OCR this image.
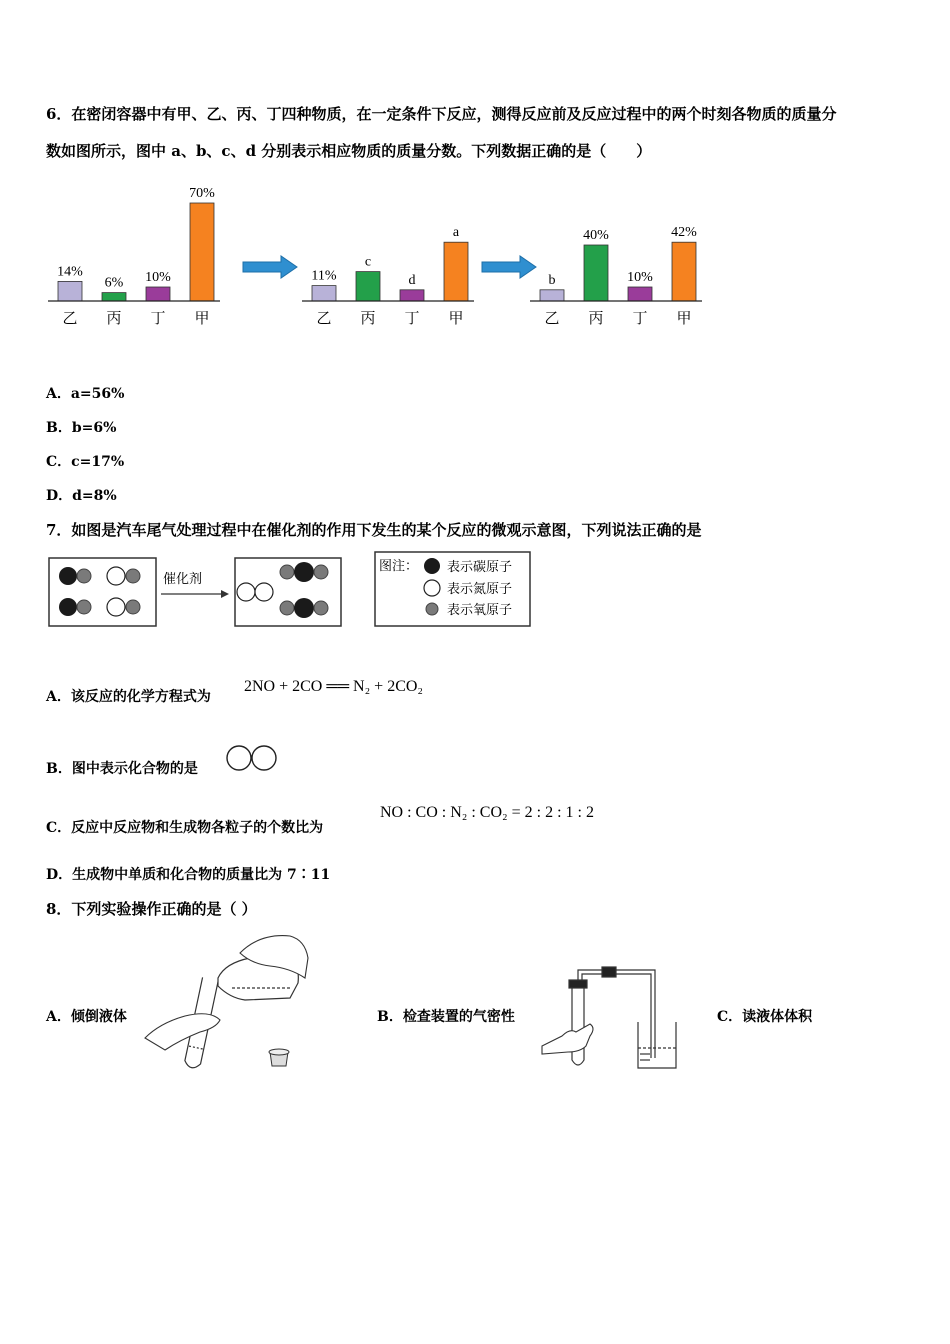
6．在密闭容器中有甲、乙、丙、丁四种物质，在一定条件下反应，测得反应前及反应过程中的两个时刻各物质的质量分
数如图所示，图中 a、b、c、d 分别表示相应物质的质量分数。下列数据正确的是（　　）
14%
乙
6%
丙
10%
丁
70%
甲
11%
乙
c
丙
d
丁
a
甲
b
乙
40%
丙
10%
丁
42%
甲
A．a=56%
B．b=6%
C．c=17%
D．d=8%
7．如图是汽车尾气处理过程中在催化剂的作用下发生的某个反应的微观示意图，下列说法正确的是
催化剂
图注： 表示碳原子
表示氮原子
表示氧原子
A．该反应的化学方程式为
2NO + 2CO ══ N₂ + 2CO₂
B．图中表示化合物的是
C．反应中反应物和生成物各粒子的个数比为
NO : CO : N₂ : CO₂ = 2 : 2 : 1 : 2
D．生成物中单质和化合物的质量比为 7∶11
8．下列实验操作正确的是（ ）
A．倾倒液体	B．检查装置的气密性	C．读液体体积
